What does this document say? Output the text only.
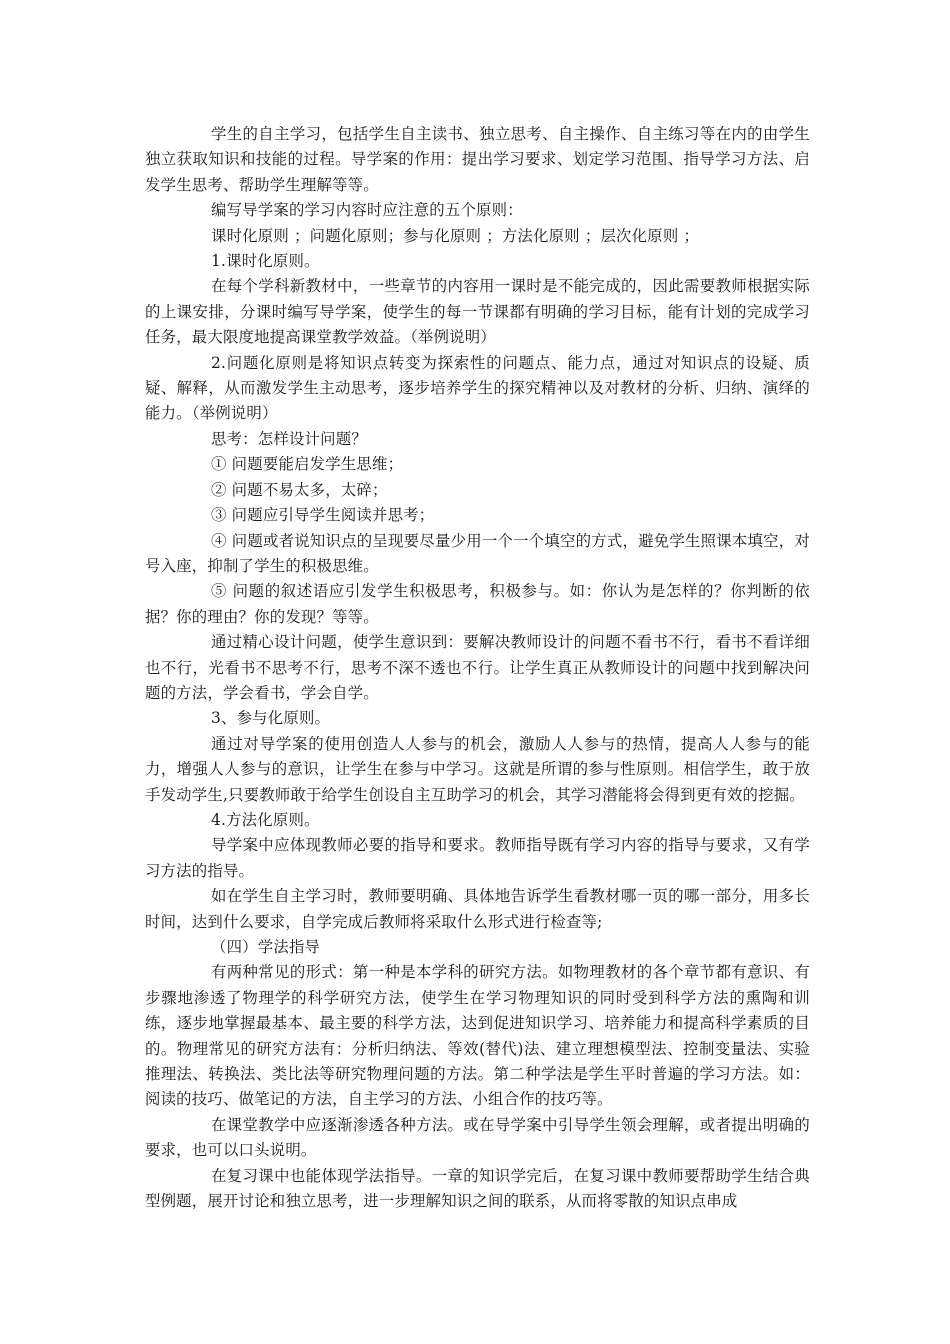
学生的自主学习，包括学生自主读书、独立思考、自主操作、自主练习等在内的由学生独立获取知识和技能的过程。导学案的作用：提出学习要求、划定学习范围、指导学习方法、启发学生思考、帮助学生理解等等。

编写导学案的学习内容时应注意的五个原则：

课时化原则 ；问题化原则；参与化原则 ；方法化原则 ；层次化原则 ；

1.课时化原则。

在每个学科新教材中，一些章节的内容用一课时是不能完成的，因此需要教师根据实际的上课安排，分课时编写导学案，使学生的每一节课都有明确的学习目标，能有计划的完成学习任务，最大限度地提高课堂教学效益。（举例说明）

2.问题化原则是将知识点转变为探索性的问题点、能力点，通过对知识点的设疑、质疑、解释，从而激发学生主动思考，逐步培养学生的探究精神以及对教材的分析、归纳、演绎的能力。（举例说明）

思考：怎样设计问题？

① 问题要能启发学生思维；

② 问题不易太多，太碎；

③ 问题应引导学生阅读并思考；

④ 问题或者说知识点的呈现要尽量少用一个一个填空的方式，避免学生照课本填空，对号入座，抑制了学生的积极思维。

⑤ 问题的叙述语应引发学生积极思考，积极参与。如：你认为是怎样的？你判断的依据？你的理由？你的发现？等等。

通过精心设计问题，使学生意识到：要解决教师设计的问题不看书不行，看书不看详细也不行，光看书不思考不行，思考不深不透也不行。让学生真正从教师设计的问题中找到解决问题的方法，学会看书，学会自学。

3、参与化原则。

通过对导学案的使用创造人人参与的机会，激励人人参与的热情，提高人人参与的能力，增强人人参与的意识，让学生在参与中学习。这就是所谓的参与性原则。相信学生，敢于放手发动学生,只要教师敢于给学生创设自主互助学习的机会，其学习潜能将会得到更有效的挖掘。

4.方法化原则。

导学案中应体现教师必要的指导和要求。教师指导既有学习内容的指导与要求，又有学习方法的指导。

如在学生自主学习时，教师要明确、具体地告诉学生看教材哪一页的哪一部分，用多长时间，达到什么要求，自学完成后教师将采取什么形式进行检查等;

（四）学法指导

有两种常见的形式：第一种是本学科的研究方法。如物理教材的各个章节都有意识、有步骤地渗透了物理学的科学研究方法，使学生在学习物理知识的同时受到科学方法的熏陶和训练，逐步地掌握最基本、最主要的科学方法，达到促进知识学习、培养能力和提高科学素质的目的。物理常见的研究方法有：分析归纳法、等效(替代)法、建立理想模型法、控制变量法、实验推理法、转换法、类比法等研究物理问题的方法。第二种学法是学生平时普遍的学习方法。如：阅读的技巧、做笔记的方法，自主学习的方法、小组合作的技巧等。

在课堂教学中应逐渐渗透各种方法。或在导学案中引导学生领会理解，或者提出明确的要求，也可以口头说明。

在复习课中也能体现学法指导。一章的知识学完后，在复习课中教师要帮助学生结合典型例题，展开讨论和独立思考，进一步理解知识之间的联系，从而将零散的知识点串成
